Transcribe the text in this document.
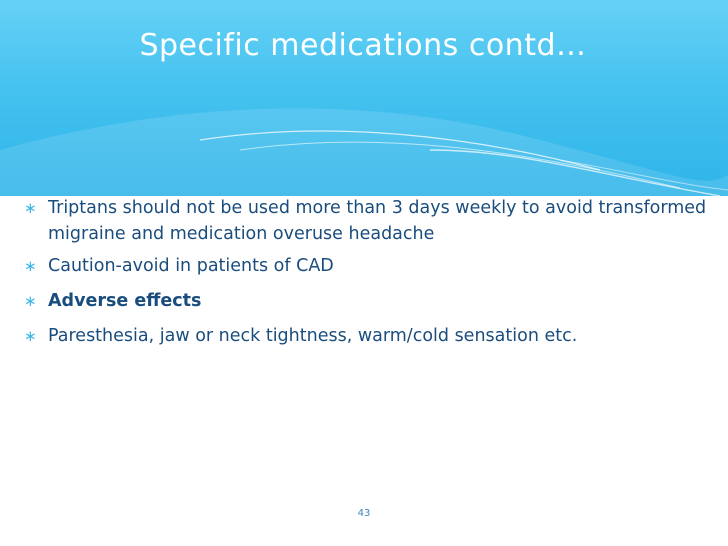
Specific medications contd…
∗ Triptans should not be used more than 3 days weekly to avoid transformed migraine and medication overuse headache
∗ Caution-avoid in patients of CAD
∗ Adverse effects
∗ Paresthesia, jaw or neck tightness, warm/cold sensation etc.
43
